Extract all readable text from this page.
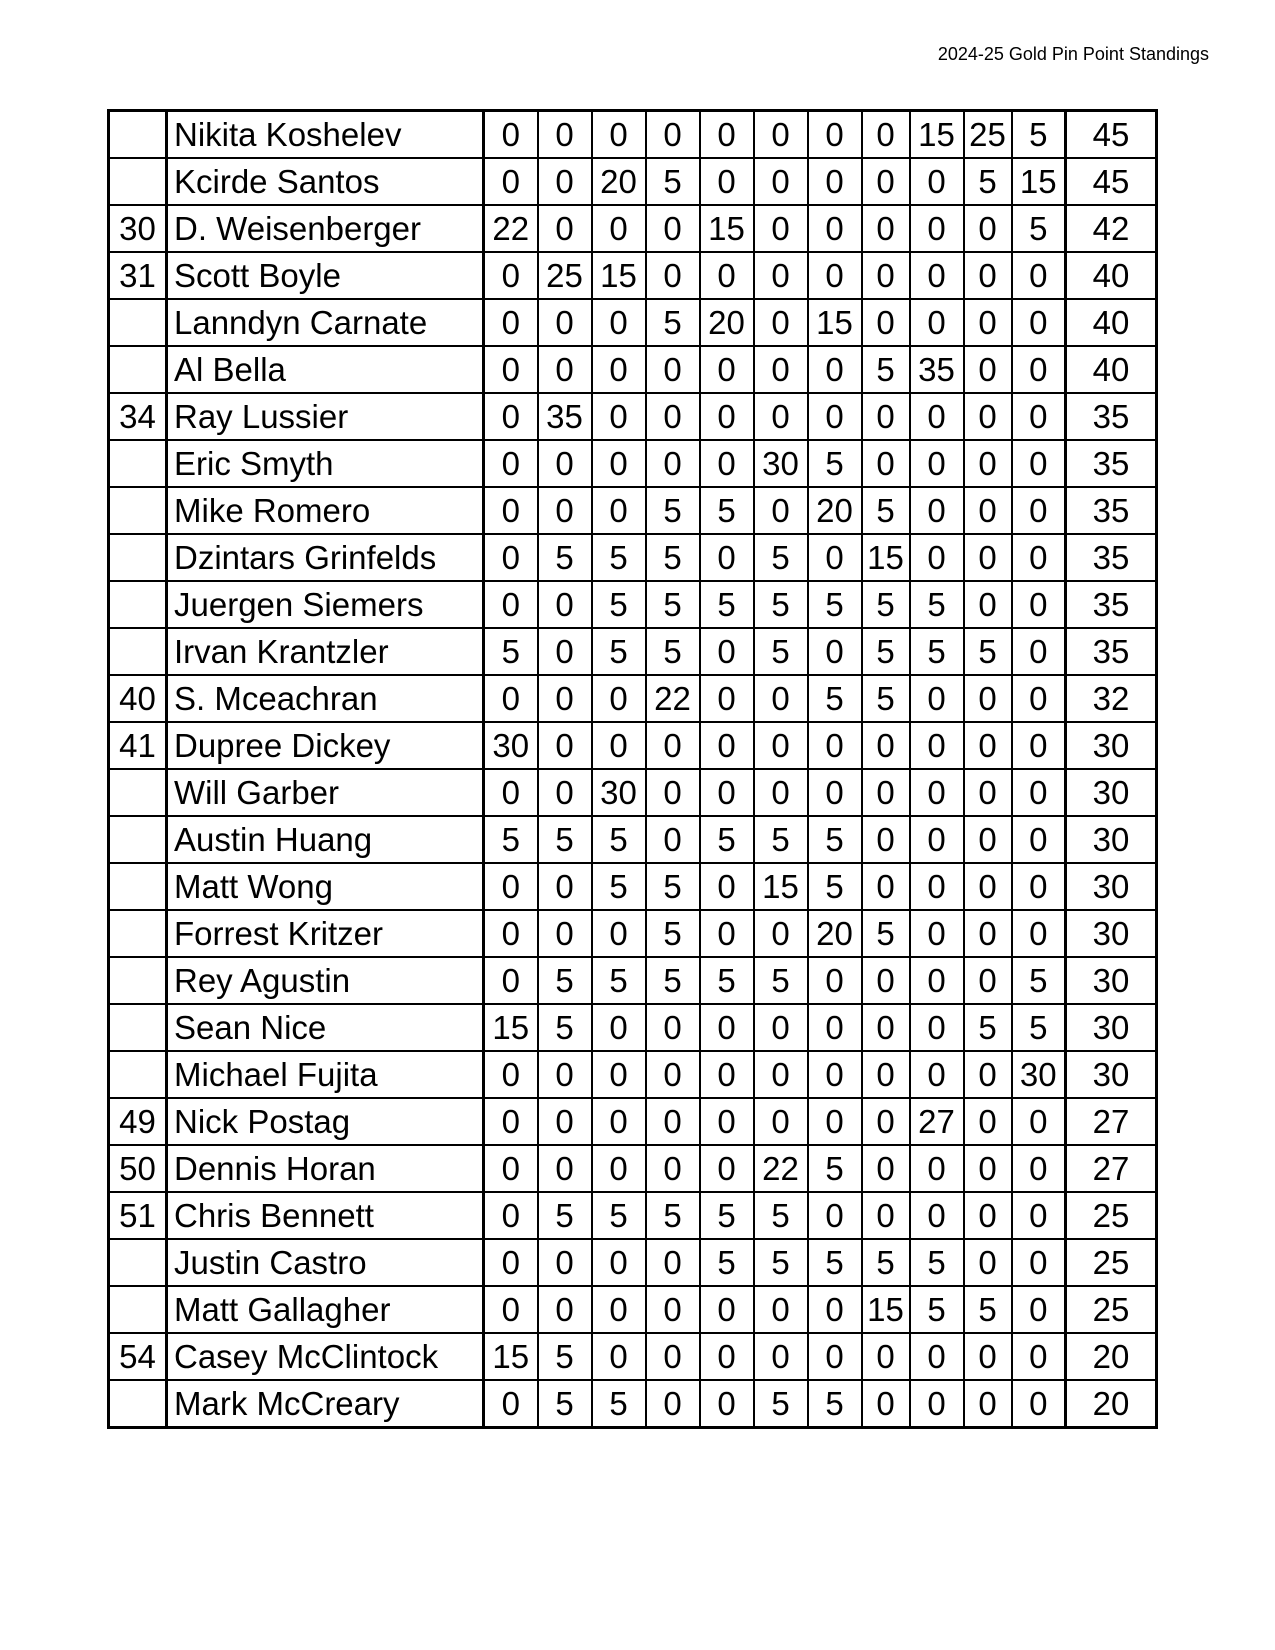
2024-25 Gold Pin Point Standings
	Nikita Koshelev	0	0	0	0	0	0	0	0	15	25	5	45
	Kcirde Santos	0	0	20	5	0	0	0	0	0	5	15	45
30	D. Weisenberger	22	0	0	0	15	0	0	0	0	0	5	42
31	Scott Boyle	0	25	15	0	0	0	0	0	0	0	0	40
	Lanndyn Carnate	0	0	0	5	20	0	15	0	0	0	0	40
	Al Bella	0	0	0	0	0	0	0	5	35	0	0	40
34	Ray Lussier	0	35	0	0	0	0	0	0	0	0	0	35
	Eric Smyth	0	0	0	0	0	30	5	0	0	0	0	35
	Mike Romero	0	0	0	5	5	0	20	5	0	0	0	35
	Dzintars Grinfelds	0	5	5	5	0	5	0	15	0	0	0	35
	Juergen Siemers	0	0	5	5	5	5	5	5	5	0	0	35
	Irvan Krantzler	5	0	5	5	0	5	0	5	5	5	0	35
40	S. Mceachran	0	0	0	22	0	0	5	5	0	0	0	32
41	Dupree Dickey	30	0	0	0	0	0	0	0	0	0	0	30
	Will Garber	0	0	30	0	0	0	0	0	0	0	0	30
	Austin Huang	5	5	5	0	5	5	5	0	0	0	0	30
	Matt Wong	0	0	5	5	0	15	5	0	0	0	0	30
	Forrest Kritzer	0	0	0	5	0	0	20	5	0	0	0	30
	Rey Agustin	0	5	5	5	5	5	0	0	0	0	5	30
	Sean Nice	15	5	0	0	0	0	0	0	0	5	5	30
	Michael Fujita	0	0	0	0	0	0	0	0	0	0	30	30
49	Nick Postag	0	0	0	0	0	0	0	0	27	0	0	27
50	Dennis Horan	0	0	0	0	0	22	5	0	0	0	0	27
51	Chris Bennett	0	5	5	5	5	5	0	0	0	0	0	25
	Justin Castro	0	0	0	0	5	5	5	5	5	0	0	25
	Matt Gallagher	0	0	0	0	0	0	0	15	5	5	0	25
54	Casey McClintock	15	5	0	0	0	0	0	0	0	0	0	20
	Mark McCreary	0	5	5	0	0	5	5	0	0	0	0	20
